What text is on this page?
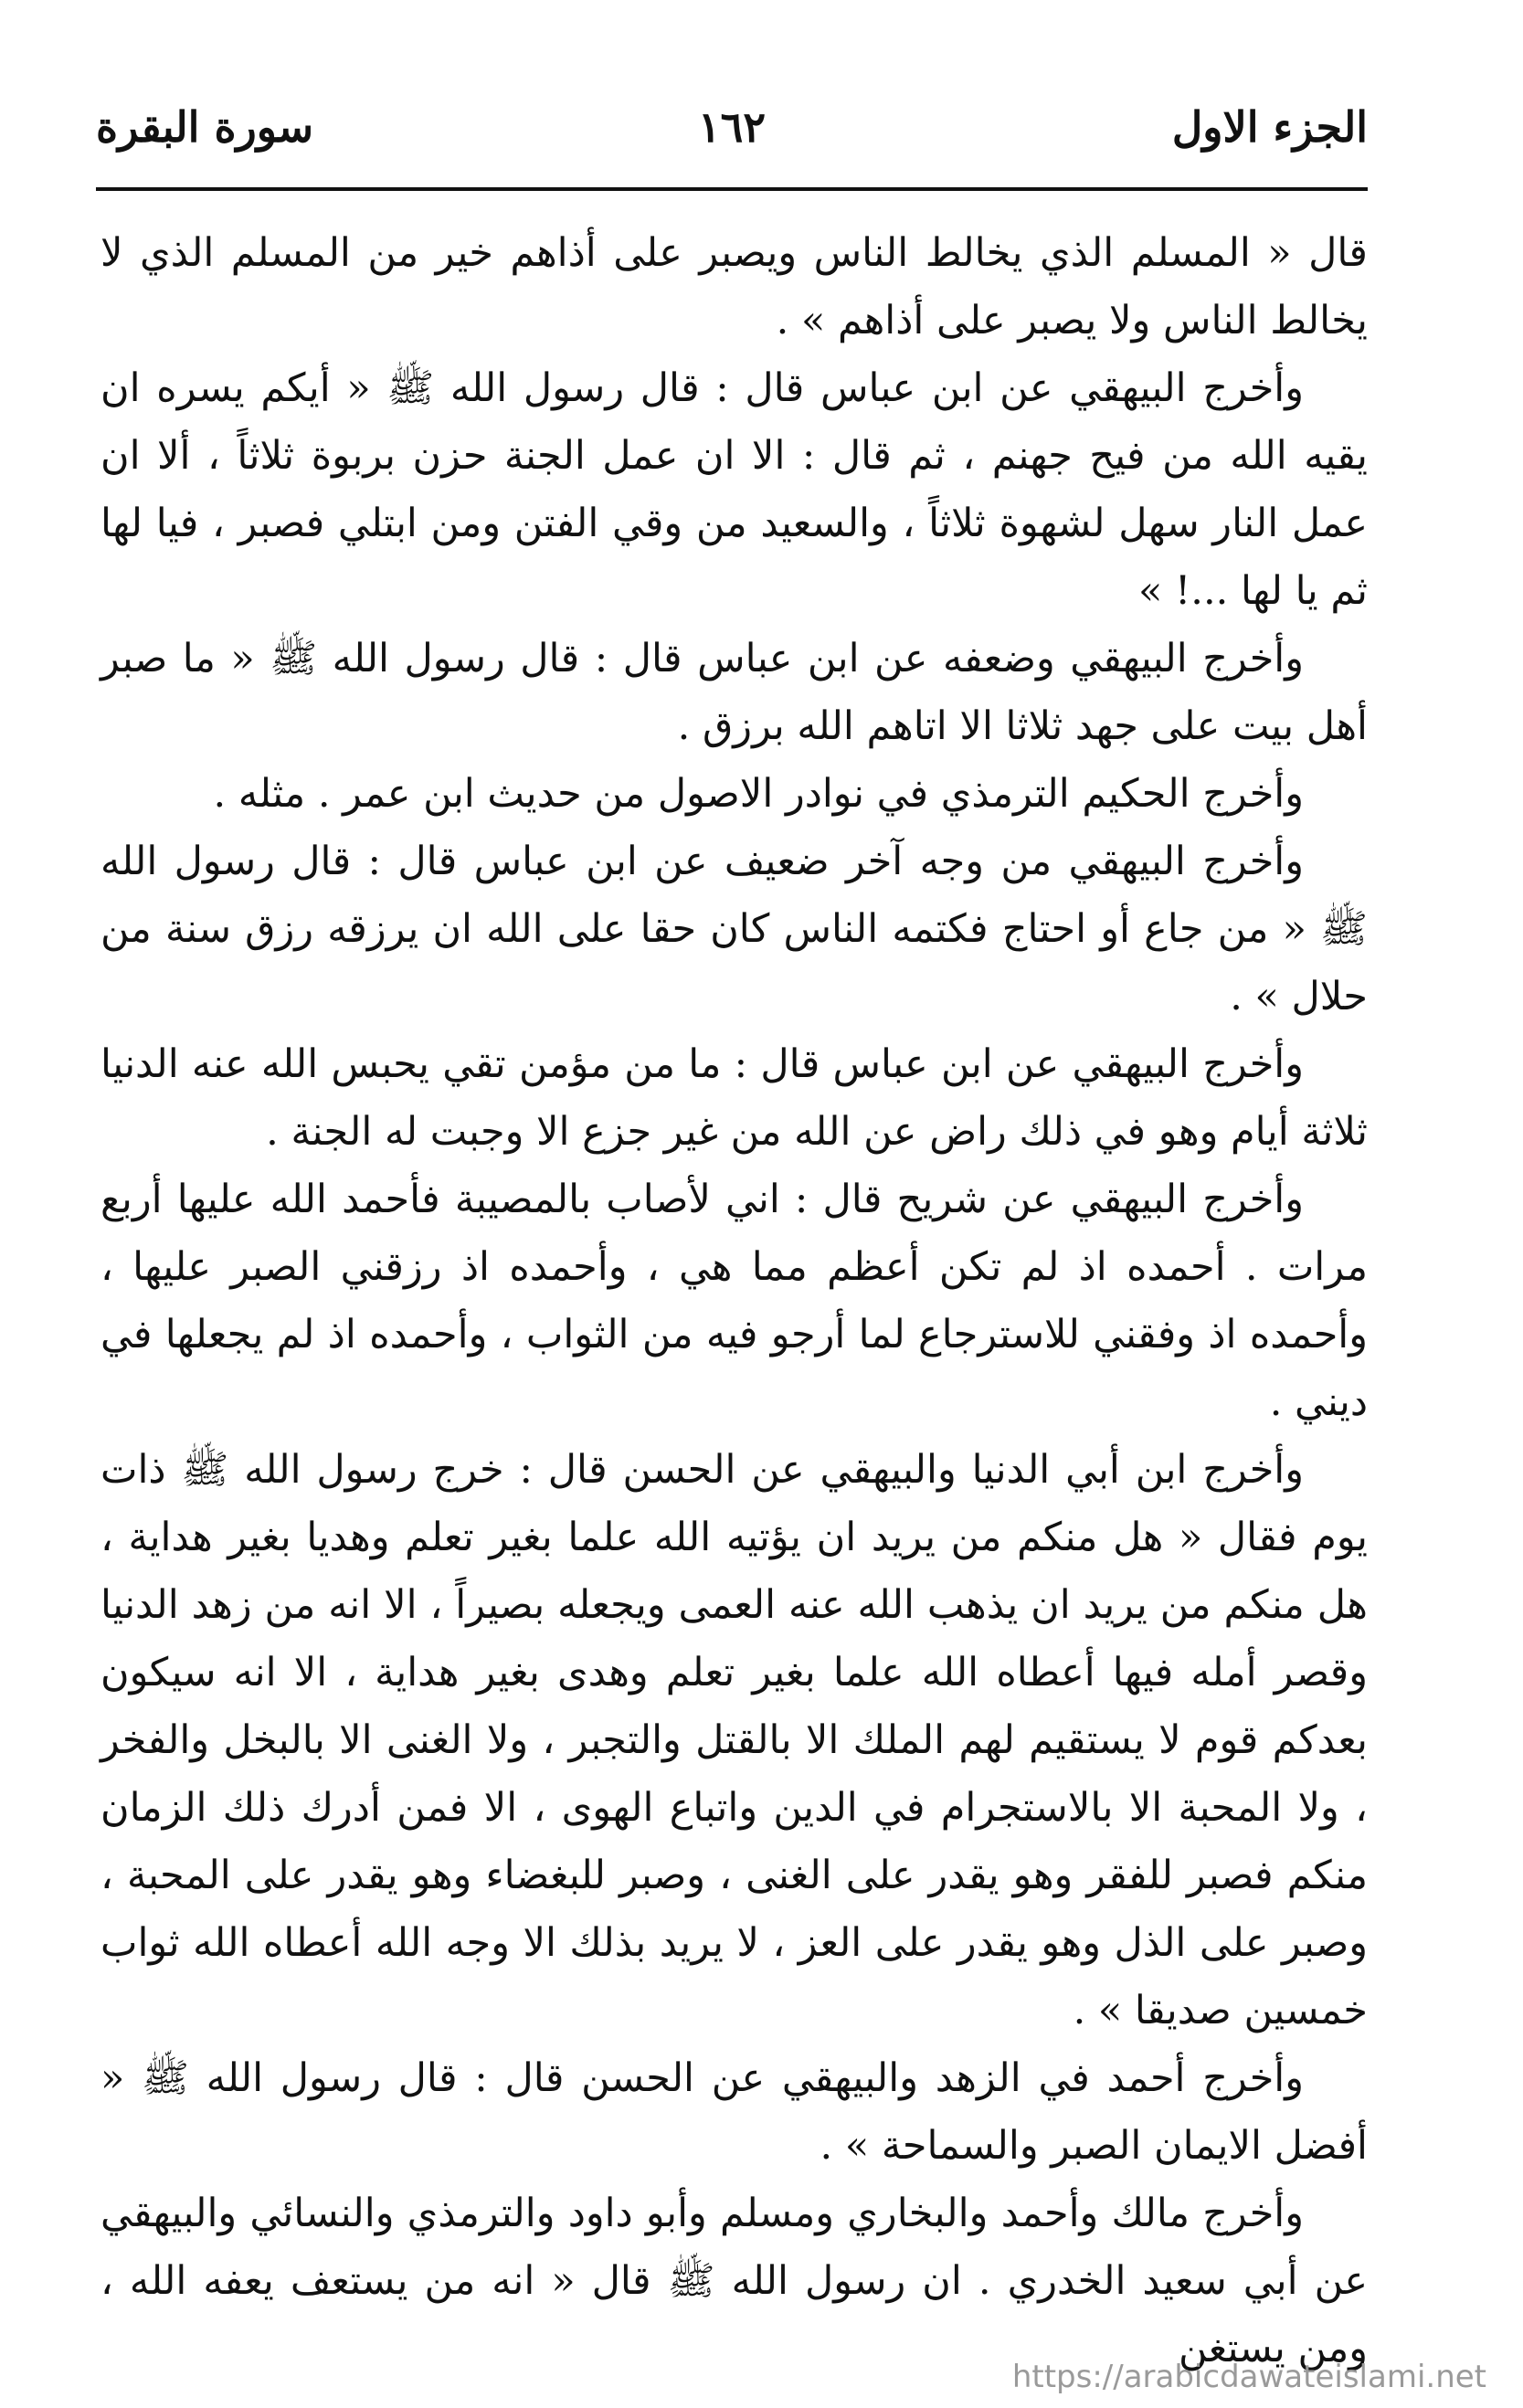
الجزء الاول
١٦٢
سورة البقرة

قال « المسلم الذي يخالط الناس ويصبر على أذاهم خير من المسلم الذي لا يخالط الناس ولا يصبر على أذاهم » .

وأخرج البيهقي عن ابن عباس قال : قال رسول الله ﷺ « أيكم يسره ان يقيه الله من فيح جهنم ، ثم قال : الا ان عمل الجنة حزن بربوة ثلاثاً ، ألا ان عمل النار سهل لشهوة ثلاثاً ، والسعيد من وقي الفتن ومن ابتلي فصبر ، فيا لها ثم يا لها ...! »

وأخرج البيهقي وضعفه عن ابن عباس قال : قال رسول الله ﷺ « ما صبر أهل بيت على جهد ثلاثا الا اتاهم الله برزق .

وأخرج الحكيم الترمذي في نوادر الاصول من حديث ابن عمر . مثله .

وأخرج البيهقي من وجه آخر ضعيف عن ابن عباس قال : قال رسول الله ﷺ « من جاع أو احتاج فكتمه الناس كان حقا على الله ان يرزقه رزق سنة من حلال » .

وأخرج البيهقي عن ابن عباس قال : ما من مؤمن تقي يحبس الله عنه الدنيا ثلاثة أيام وهو في ذلك راض عن الله من غير جزع الا وجبت له الجنة .

وأخرج البيهقي عن شريح قال : اني لأصاب بالمصيبة فأحمد الله عليها أربع مرات . أحمده اذ لم تكن أعظم مما هي ، وأحمده اذ رزقني الصبر عليها ، وأحمده اذ وفقني للاسترجاع لما أرجو فيه من الثواب ، وأحمده اذ لم يجعلها في ديني .

وأخرج ابن أبي الدنيا والبيهقي عن الحسن قال : خرج رسول الله ﷺ ذات يوم فقال « هل منكم من يريد ان يؤتيه الله علما بغير تعلم وهديا بغير هداية ، هل منكم من يريد ان يذهب الله عنه العمى ويجعله بصيراً ، الا انه من زهد الدنيا وقصر أمله فيها أعطاه الله علما بغير تعلم وهدى بغير هداية ، الا انه سيكون بعدكم قوم لا يستقيم لهم الملك الا بالقتل والتجبر ، ولا الغنى الا بالبخل والفخر ، ولا المحبة الا بالاستجرام في الدين واتباع الهوى ، الا فمن أدرك ذلك الزمان منكم فصبر للفقر وهو يقدر على الغنى ، وصبر للبغضاء وهو يقدر على المحبة ، وصبر على الذل وهو يقدر على العز ، لا يريد بذلك الا وجه الله أعطاه الله ثواب خمسين صديقا » .

وأخرج أحمد في الزهد والبيهقي عن الحسن قال : قال رسول الله ﷺ « أفضل الايمان الصبر والسماحة » .

وأخرج مالك وأحمد والبخاري ومسلم وأبو داود والترمذي والنسائي والبيهقي عن أبي سعيد الخدري . ان رسول الله ﷺ قال « انه من يستعف يعفه الله ، ومن يستغن

https://arabicdawateislami.net
